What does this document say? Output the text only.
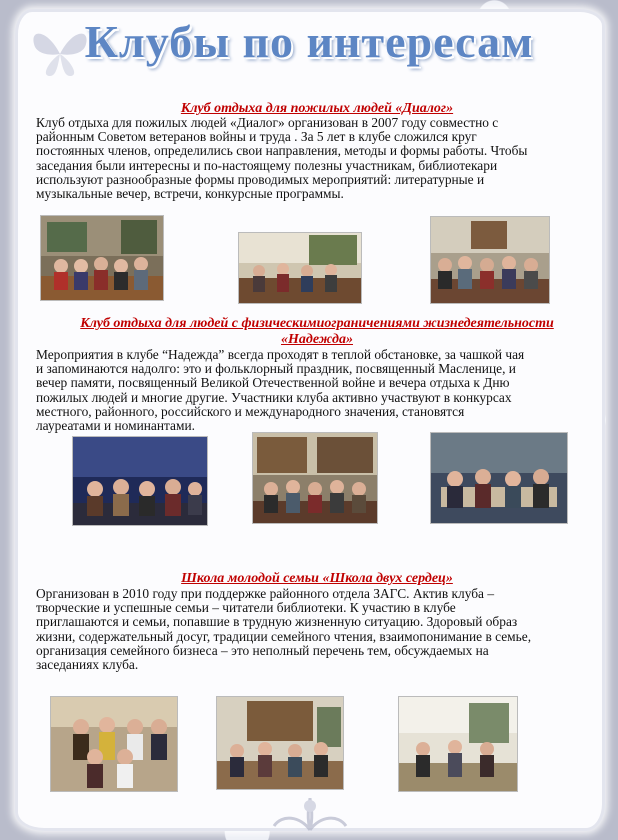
Клубы по интересам
Клуб отдыха для пожилых людей «Диалог»
Клуб отдыха для пожилых людей «Диалог» организован в 2007 году совместно с
районным Советом ветеранов войны и труда . За 5 лет в клубе сложился круг
постоянных членов, определились свои направления, методы и формы работы. Чтобы
заседания были интересны и по-настоящему полезны участникам, библиотекари
используют разнообразные формы проводимых мероприятий: литературные и
музыкальные вечер, встречи, конкурсные программы.
Клуб отдыха для людей с физическимиограничениями жизнедеятельности
«Надежда»
Мероприятия в клубе “Надежда” всегда проходят в теплой обстановке, за чашкой чая
и запоминаются надолго: это и фольклорный праздник, посвященный Масленице, и
вечер памяти, посвященный Великой Отечественной войне и вечера отдыха к Дню
пожилых людей и многие другие. Участники клуба активно участвуют в конкурсах
местного, районного, российского и международного значения, становятся
лауреатами и номинантами.
Школа молодой семьи «Школа двух сердец»
Организован в 2010 году при поддержке районного отдела ЗАГС. Актив клуба –
творческие и успешные семьи – читатели библиотеки. К участию в клубе
приглашаются и семьи, попавшие в трудную жизненную ситуацию. Здоровый образ
жизни, содержательный досуг, традиции семейного чтения, взаимопонимание в семье,
организация семейного бизнеса – это неполный перечень тем, обсуждаемых на
заседаниях клуба.
